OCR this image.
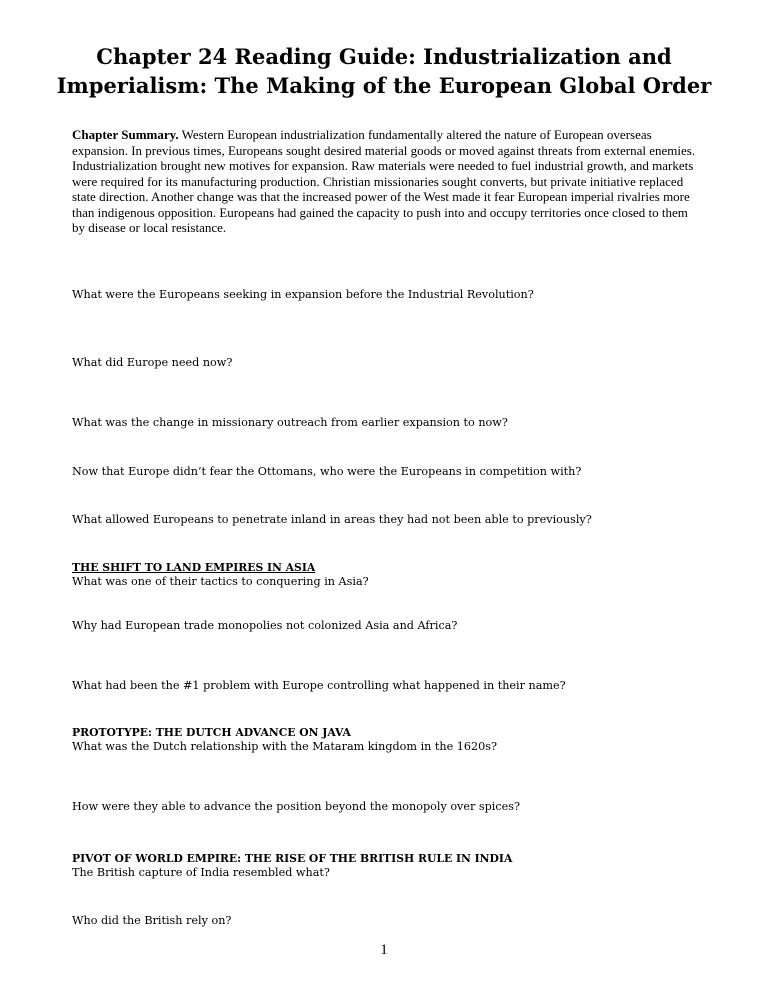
Chapter 24 Reading Guide: Industrialization and
Imperialism: The Making of the European Global Order
Chapter Summary. Western European industrialization fundamentally altered the nature of European overseas expansion. In previous times, Europeans sought desired material goods or moved against threats from external enemies. Industrialization brought new motives for expansion. Raw materials were needed to fuel industrial growth, and markets were required for its manufacturing production. Christian missionaries sought converts, but private initiative replaced state direction. Another change was that the increased power of the West made it fear European imperial rivalries more than indigenous opposition. Europeans had gained the capacity to push into and occupy territories once closed to them by disease or local resistance.
What were the Europeans seeking in expansion before the Industrial Revolution?
What did Europe need now?
What was the change in missionary outreach from earlier expansion to now?
Now that Europe didn’t fear the Ottomans, who were the Europeans in competition with?
What allowed Europeans to penetrate inland in areas they had not been able to previously?
THE SHIFT TO LAND EMPIRES IN ASIA
What was one of their tactics to conquering in Asia?
Why had European trade monopolies not colonized Asia and Africa?
What had been the #1 problem with Europe controlling what happened in their name?
PROTOTYPE: THE DUTCH ADVANCE ON JAVA
What was the Dutch relationship with the Mataram kingdom in the 1620s?
How were they able to advance the position beyond the monopoly over spices?
PIVOT OF WORLD EMPIRE: THE RISE OF THE BRITISH RULE IN INDIA
The British capture of India resembled what?
Who did the British rely on?
1
